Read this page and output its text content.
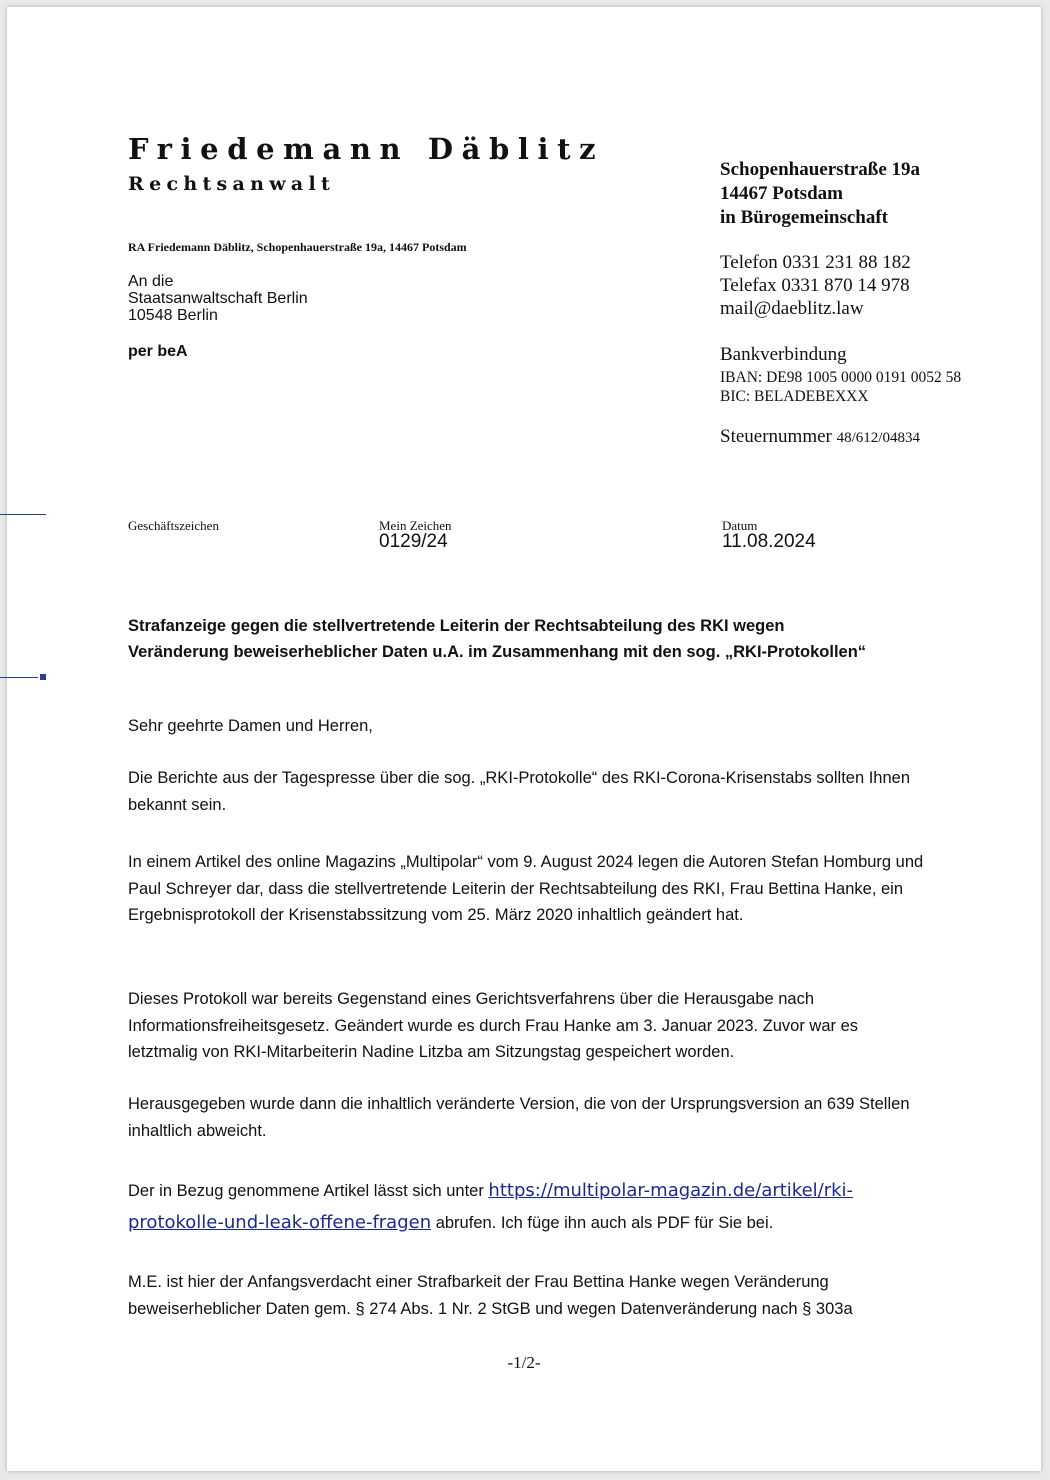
Friedemann Däblitz
Rechtsanwalt
RA Friedemann Däblitz, Schopenhauerstraße 19a, 14467 Potsdam
An die
Staatsanwaltschaft Berlin
10548 Berlin
per beA
Schopenhauerstraße 19a
14467 Potsdam
in Bürogemeinschaft
Telefon 0331 231 88 182
Telefax 0331 870 14 978
mail@daeblitz.law
Bankverbindung
IBAN: DE98 1005 0000 0191 0052 58
BIC: BELADEBEXXX
Steuernummer 48/612/04834
Geschäftszeichen	Mein Zeichen
0129/24
Datum
11.08.2024
Strafanzeige gegen die stellvertretende Leiterin der Rechtsabteilung des RKI wegen
Veränderung beweiserheblicher Daten u.A. im Zusammenhang mit den sog. „RKI-Protokollen“
Sehr geehrte Damen und Herren,
Die Berichte aus der Tagespresse über die sog. „RKI-Protokolle“ des RKI-Corona-Krisenstabs sollten Ihnen bekannt sein.
In einem Artikel des online Magazins „Multipolar“ vom 9. August 2024 legen die Autoren Stefan Homburg und Paul Schreyer dar, dass die stellvertretende Leiterin der Rechtsabteilung des RKI, Frau Bettina Hanke, ein Ergebnisprotokoll der Krisenstabssitzung vom 25. März 2020 inhaltlich geändert hat.
Dieses Protokoll war bereits Gegenstand eines Gerichtsverfahrens über die Herausgabe nach Informationsfreiheitsgesetz. Geändert wurde es durch Frau Hanke am 3. Januar 2023. Zuvor war es letztmalig von RKI-Mitarbeiterin Nadine Litzba am Sitzungstag gespeichert worden.
Herausgegeben wurde dann die inhaltlich veränderte Version, die von der Ursprungsversion an 639 Stellen inhaltlich abweicht.
Der in Bezug genommene Artikel lässt sich unter https://multipolar-magazin.de/artikel/rki-protokolle-und-leak-offene-fragen abrufen. Ich füge ihn auch als PDF für Sie bei.
M.E. ist hier der Anfangsverdacht einer Strafbarkeit der Frau Bettina Hanke wegen Veränderung beweiserheblicher Daten gem. § 274 Abs. 1 Nr. 2 StGB und wegen Datenveränderung nach § 303a
-1/2-
